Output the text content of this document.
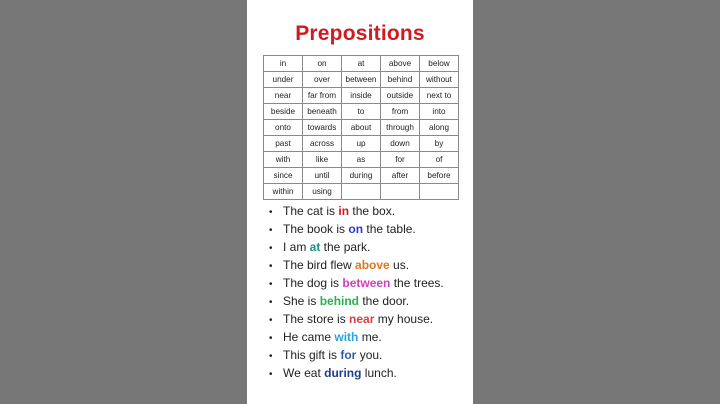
Prepositions
in	on	at	above	below
under	over	between	behind	without
near	far from	inside	outside	next to
beside	beneath	to	from	into
onto	towards	about	through	along
past	across	up	down	by
with	like	as	for	of
since	until	during	after	before
within	using			
• The cat is in the box.
• The book is on the table.
• I am at the park.
• The bird flew above us.
• The dog is between the trees.
• She is behind the door.
• The store is near my house.
• He came with me.
• This gift is for you.
• We eat during lunch.
